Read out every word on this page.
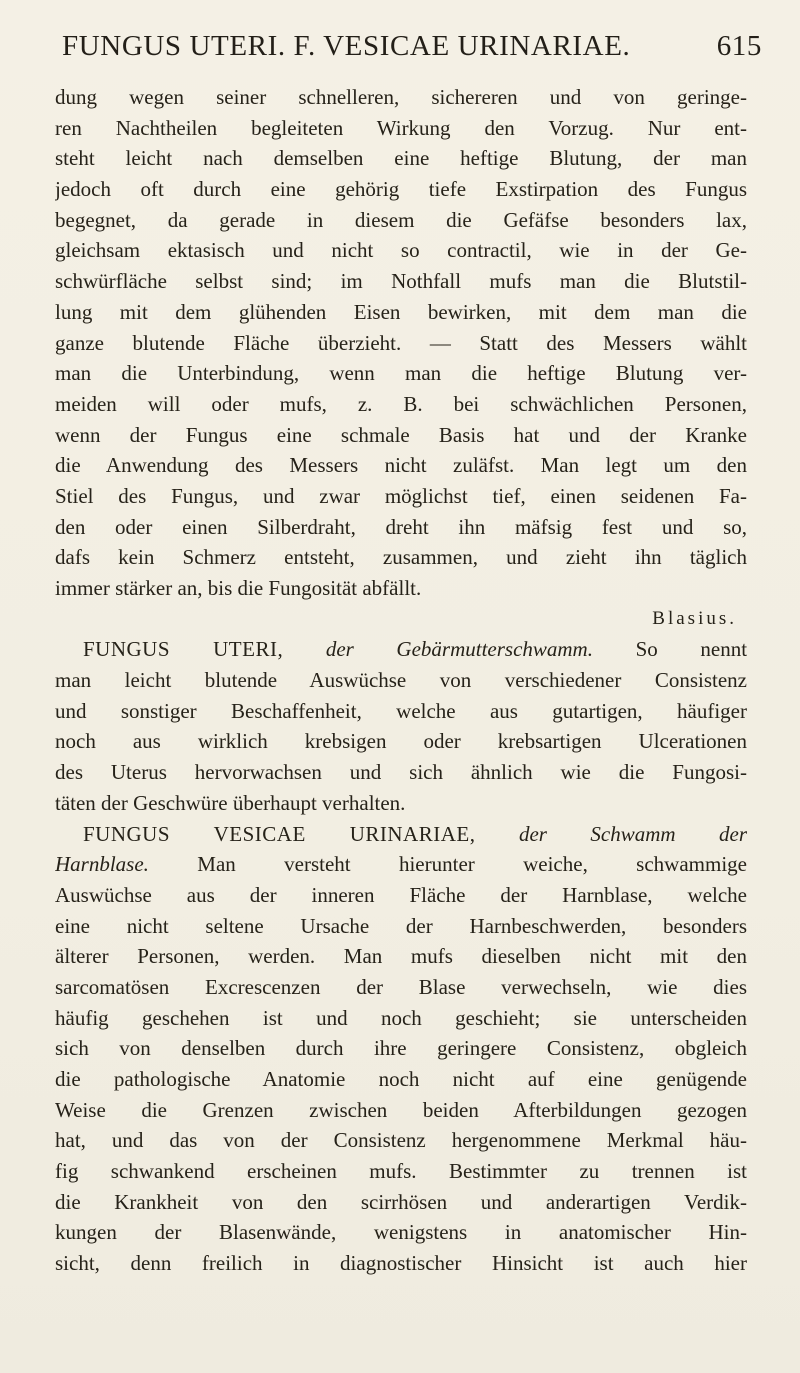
FUNGUS UTERI. F. VESICAE URINARIAE.	615
dung wegen seiner schnelleren, sichereren und von geringe-
ren Nachtheilen begleiteten Wirkung den Vorzug. Nur ent-
steht leicht nach demselben eine heftige Blutung, der man
jedoch oft durch eine gehörig tiefe Exstirpation des Fungus
begegnet, da gerade in diesem die Gefäfse besonders lax,
gleichsam ektasisch und nicht so contractil, wie in der Ge-
schwürfläche selbst sind; im Nothfall mufs man die Blutstil-
lung mit dem glühenden Eisen bewirken, mit dem man die
ganze blutende Fläche überzieht. — Statt des Messers wählt
man die Unterbindung, wenn man die heftige Blutung ver-
meiden will oder mufs, z. B. bei schwächlichen Personen,
wenn der Fungus eine schmale Basis hat und der Kranke
die Anwendung des Messers nicht zuläfst. Man legt um den
Stiel des Fungus, und zwar möglichst tief, einen seidenen Fa-
den oder einen Silberdraht, dreht ihn mäfsig fest und so,
dafs kein Schmerz entsteht, zusammen, und zieht ihn täglich
immer stärker an, bis die Fungosität abfällt.
Blasius.
FUNGUS UTERI, der Gebärmutterschwamm. So nennt
man leicht blutende Auswüchse von verschiedener Consistenz
und sonstiger Beschaffenheit, welche aus gutartigen, häufiger
noch aus wirklich krebsigen oder krebsartigen Ulcerationen
des Uterus hervorwachsen und sich ähnlich wie die Fungosi-
täten der Geschwüre überhaupt verhalten.
FUNGUS VESICAE URINARIAE, der Schwamm der
Harnblase. Man versteht hierunter weiche, schwammige
Auswüchse aus der inneren Fläche der Harnblase, welche
eine nicht seltene Ursache der Harnbeschwerden, besonders
älterer Personen, werden. Man mufs dieselben nicht mit den
sarcomatösen Excrescenzen der Blase verwechseln, wie dies
häufig geschehen ist und noch geschieht; sie unterscheiden
sich von denselben durch ihre geringere Consistenz, obgleich
die pathologische Anatomie noch nicht auf eine genügende
Weise die Grenzen zwischen beiden Afterbildungen gezogen
hat, und das von der Consistenz hergenommene Merkmal häu-
fig schwankend erscheinen mufs. Bestimmter zu trennen ist
die Krankheit von den scirrhösen und anderartigen Verdik-
kungen der Blasenwände, wenigstens in anatomischer Hin-
sicht, denn freilich in diagnostischer Hinsicht ist auch hier
